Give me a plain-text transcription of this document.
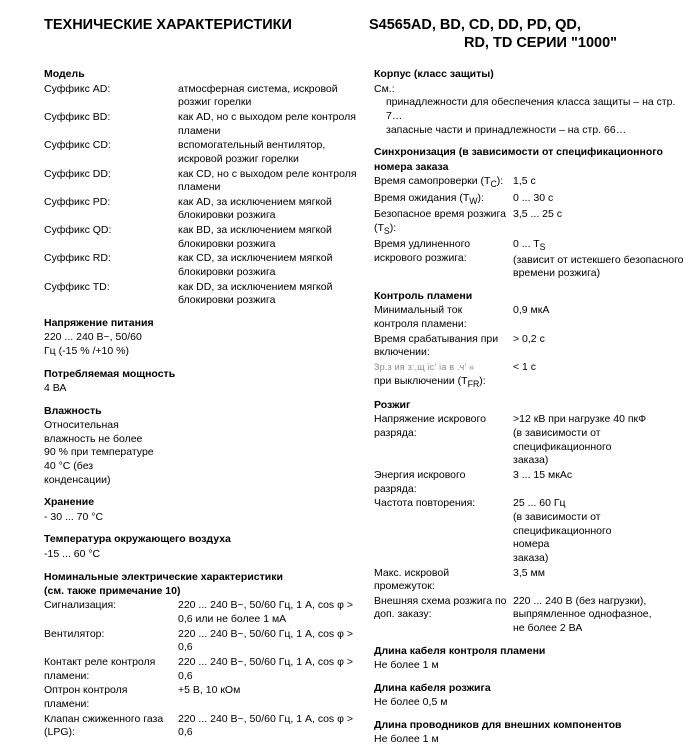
ТЕХНИЧЕСКИЕ ХАРАКТЕРИСТИКИ	S4565AD, BD, CD, DD, PD, QD,
RD, TD СЕРИИ "1000"
Модель
Суффикс AD:	атмосферная система, искровой розжиг горелки
Суффикс BD:	как AD, но с выходом реле контроля пламени
Суффикс CD:	вспомогательный вентилятор, искровой розжиг горелки
Суффикс DD:	как CD, но с выходом реле контроля пламени
Суффикс PD:	как AD, за исключением мягкой блокировки розжига
Суффикс QD:	как BD, за исключением мягкой блокировки розжига
Суффикс RD:	как CD, за исключением мягкой блокировки розжига
Суффикс TD:	как DD, за исключением мягкой блокировки розжига
Напряжение питания
220 ... 240 В~, 50/60
Гц (-15 % /+10 %)
Потребляемая мощность
4 ВА
Влажность
Относительная
влажность не более
90 % при температуре
40 °С (без
конденсации)
Хранение
- 30 ... 70 °С
Температура окружающего воздуха
-15 ... 60 °С
Номинальные электрические характеристики
(см. также примечание 10)
Сигнализация:	220 ... 240 В~, 50/60 Гц, 1 А, cos φ > 0,6 или не более 1 мА
Вентилятор:	220 ... 240 В~, 50/60 Гц, 1 А, cos φ > 0,6
Контакт реле контроля пламени:
220 ... 240 В~, 50/60 Гц, 1 А, cos φ > 0,6
Оптрон контроля пламени:
+5 В, 10 кОм
Клапан сжиженного газа (LPG):
220 ... 240 В~, 50/60 Гц, 1 А, cos φ > 0,6
Корпус (класс защиты)
См.:
принадлежности для обеспечения класса защиты – на стр. 7…
запасные части и принадлежности – на стр. 66…
Синхронизация (в зависимости от спецификационного
номера заказа
Время самопроверки $(T_C)$: 1,5 с
Время ожидания $(T_W)$:	0 ... 30 с
Безопасное время розжига $(T_S)$:
3,5 ... 25 с
Время удлиненного искрового розжига:
0 ... $T_S$
(зависит от истекшего безопасного
времени розжига)
Контроль пламени
Минимальный ток контроля пламени:
0,9 мкА
Время срабатывания при включении:
> 0,2 с
Зр.з ия з:,щ іс' іа в .ч' «
при выключении $(T_{FR})$:
< 1 с
Розжиг
Напряжение искрового разряда:
>12 кВ при нагрузке 40 пкФ
(в зависимости от
спецификационного
заказа)
Энергия искрового разряда:
3 ... 15 мкАс
Частота повторения:	25 ... 60 Гц
(в зависимости от
спецификационного
номера
заказа)
Макс. искровой промежуток:
3,5 мм
Внешняя схема розжига по доп. заказу:
220 ... 240 В (без нагрузки),
выпрямленное однофазное,
не более 2 ВА
Длина кабеля контроля пламени
Не более 1 м
Длина кабеля розжига
Не более 0,5 м
Длина проводников для внешних компонентов
Не более 1 м
